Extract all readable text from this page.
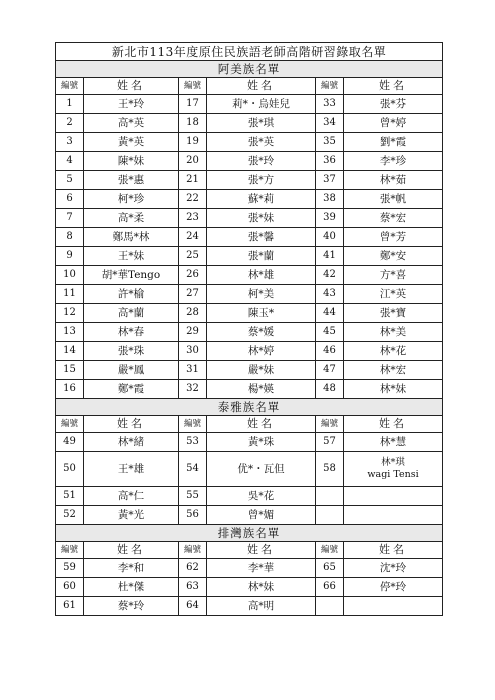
新北市113年度原住民族語老師高階研習錄取名單					
阿美族名單					
編號	姓名	編號	姓名	編號	姓名
1	王*玲	17	莉*・烏娃兒	33	張*芬
2	高*英	18	張*琪	34	曾*婷
3	黃*英	19	張*英	35	劉*霞
4	陳*妹	20	張*玲	36	李*珍
5	張*惠	21	張*方	37	林*茹
6	柯*珍	22	蘇*莉	38	張*帆
7	高*柔	23	張*妹	39	蔡*宏
8	鄭馬*林	24	張*馨	40	曾*芳
9	王*妹	25	張*蘭	41	鄭*安
10	胡*華Tengo	26	林*雄	42	方*喜
11	許*榆	27	柯*美	43	江*英
12	高*蘭	28	陳玉*	44	張*寶
13	林*春	29	蔡*媛	45	林*美
14	張*珠	30	林*婷	46	林*花
15	嚴*鳳	31	嚴*妹	47	林*宏
16	鄭*霞	32	楊*媖	48	林*妹
泰雅族名單					
編號	姓名	編號	姓名	編號	姓名
49	林*緒	53	黃*珠	57	林*慧
50	王*雄	54	优*・瓦但	58	林*琪
wagi Tensi

51	高*仁	55	吳*花		
52	黃*光	56	曾*媚		
排灣族名單					
編號	姓名	編號	姓名	編號	姓名
59	李*和	62	李*華	65	沈*玲
60	杜*傑	63	林*妹	66	停*玲
61	蔡*玲	64	高*明		
